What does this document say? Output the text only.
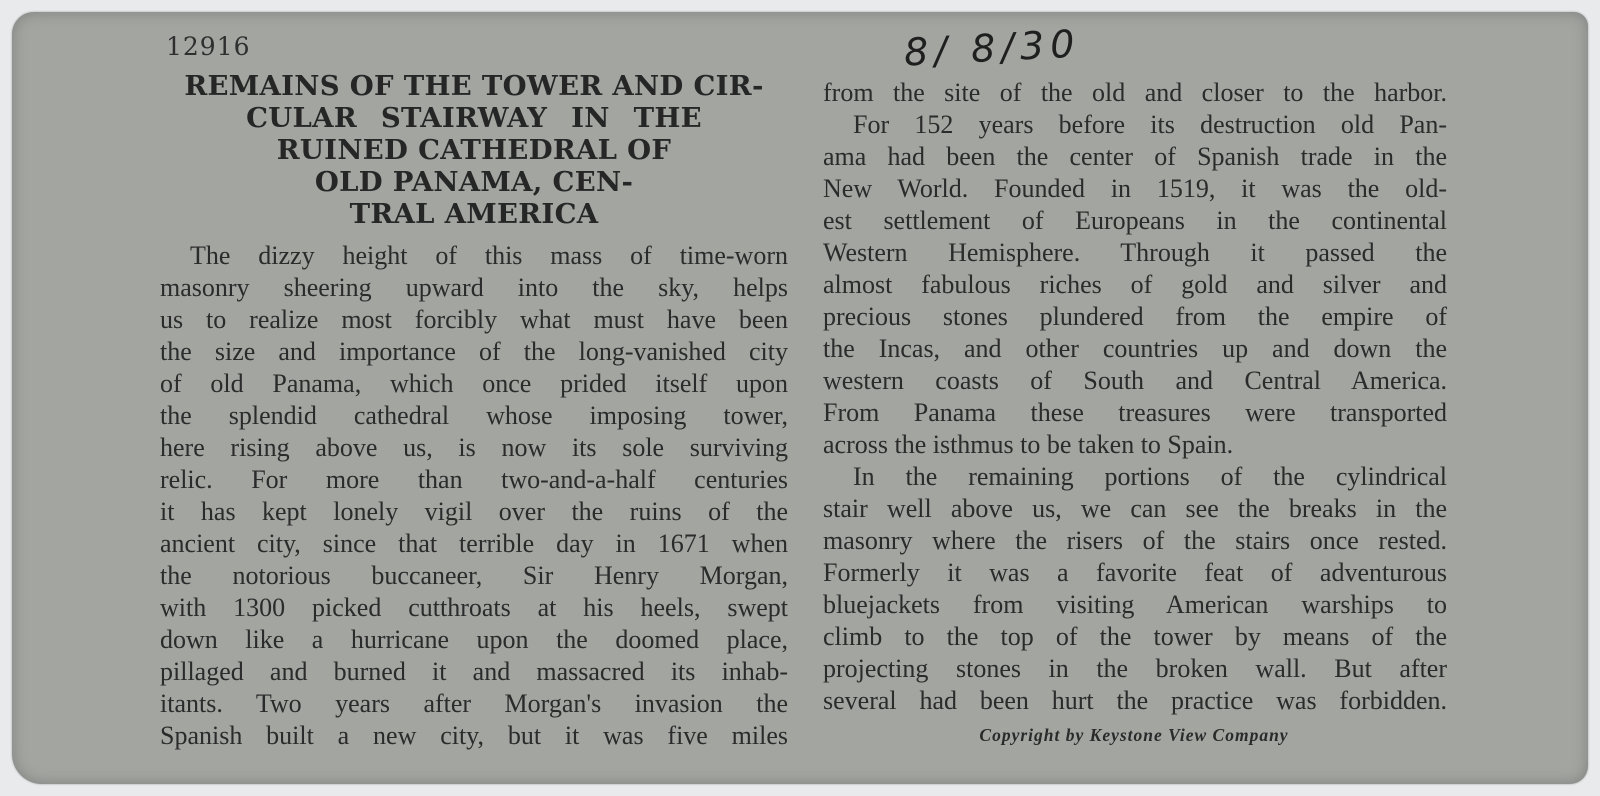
12916	8/ 8/30
REMAINS OF THE TOWER AND CIR-
CULAR STAIRWAY IN THE
RUINED CATHEDRAL OF
OLD PANAMA, CEN-
TRAL AMERICA
The dizzy height of this mass of time-worn
masonry sheering upward into the sky, helps
us to realize most forcibly what must have been
the size and importance of the long-vanished city
of old Panama, which once prided itself upon
the splendid cathedral whose imposing tower,
here rising above us, is now its sole surviving
relic. For more than two-and-a-half centuries
it has kept lonely vigil over the ruins of the
ancient city, since that terrible day in 1671 when
the notorious buccaneer, Sir Henry Morgan,
with 1300 picked cutthroats at his heels, swept
down like a hurricane upon the doomed place,
pillaged and burned it and massacred its inhab-
itants. Two years after Morgan's invasion the
Spanish built a new city, but it was five miles
from the site of the old and closer to the harbor.
For 152 years before its destruction old Pan-
ama had been the center of Spanish trade in the
New World. Founded in 1519, it was the old-
est settlement of Europeans in the continental
Western Hemisphere. Through it passed the
almost fabulous riches of gold and silver and
precious stones plundered from the empire of
the Incas, and other countries up and down the
western coasts of South and Central America.
From Panama these treasures were transported
across the isthmus to be taken to Spain.
In the remaining portions of the cylindrical
stair well above us, we can see the breaks in the
masonry where the risers of the stairs once rested.
Formerly it was a favorite feat of adventurous
bluejackets from visiting American warships to
climb to the top of the tower by means of the
projecting stones in the broken wall. But after
several had been hurt the practice was forbidden.
Copyright by Keystone View Company
